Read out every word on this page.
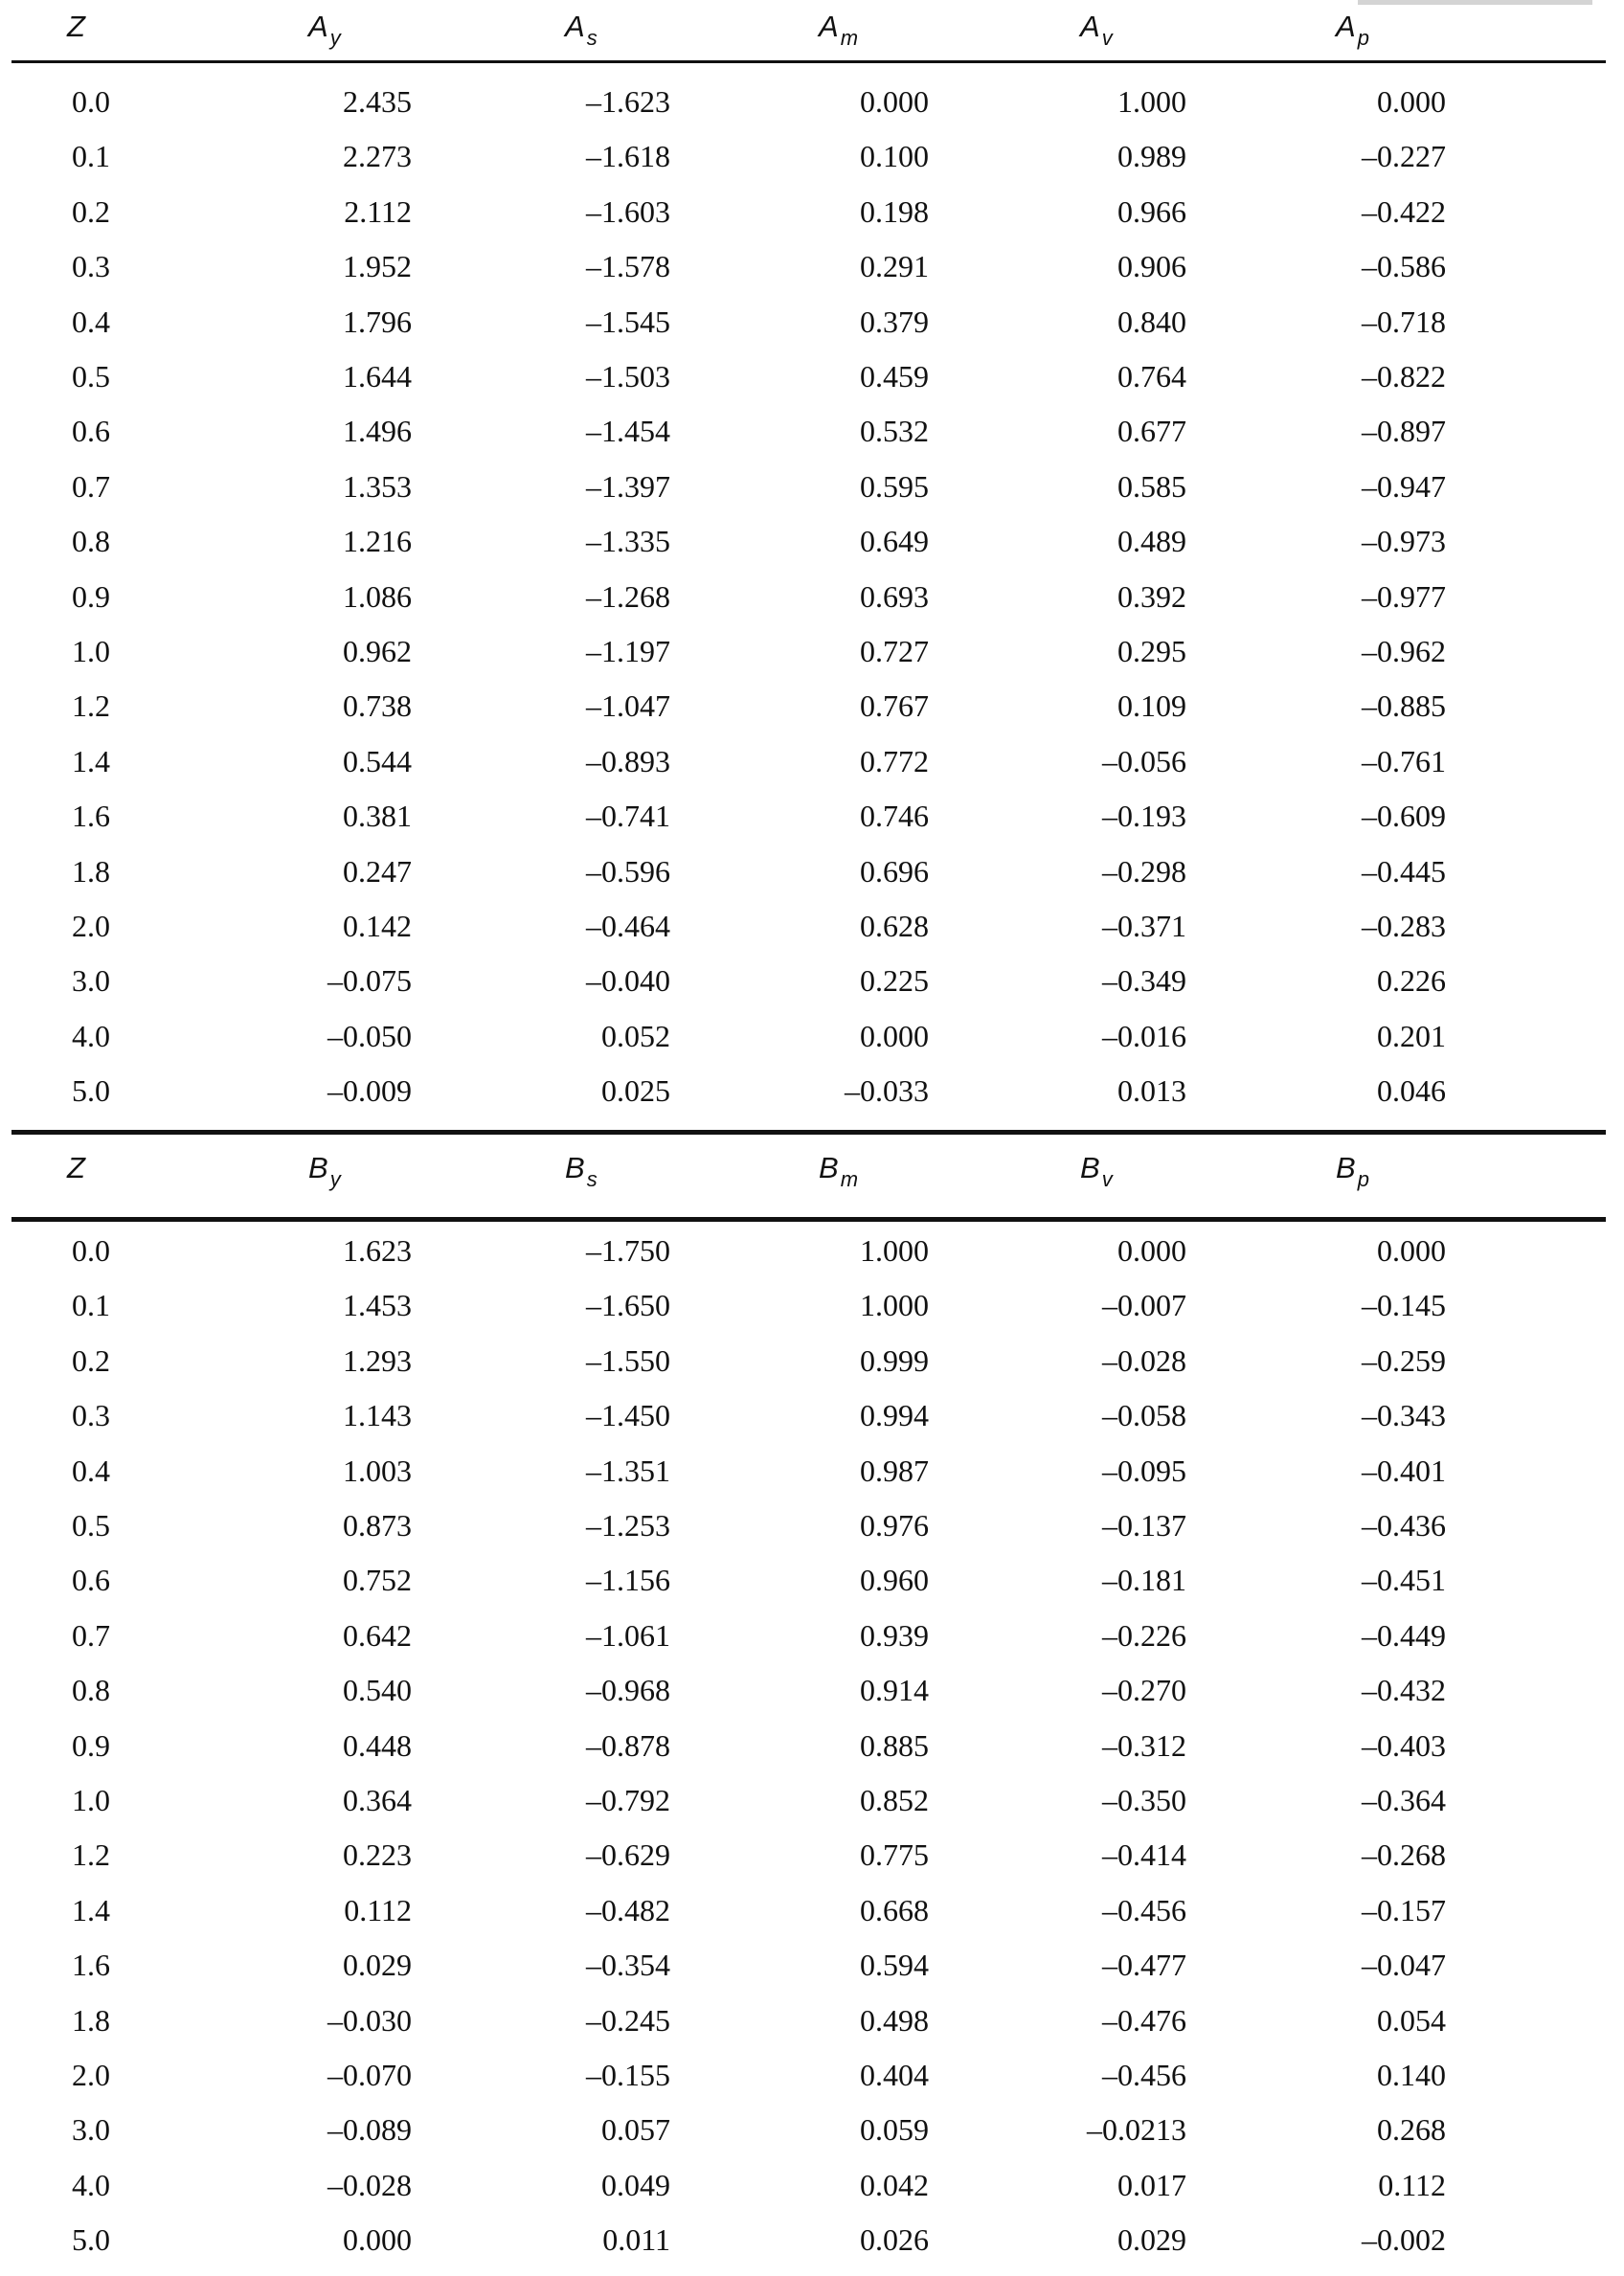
Z	$A_y$	$A_s$	$A_m$	$A_v$	$A_p$
0.0	2.435	–1.623	0.000	1.000	0.000
0.1	2.273	–1.618	0.100	0.989	–0.227
0.2	2.112	–1.603	0.198	0.966	–0.422
0.3	1.952	–1.578	0.291	0.906	–0.586
0.4	1.796	–1.545	0.379	0.840	–0.718
0.5	1.644	–1.503	0.459	0.764	–0.822
0.6	1.496	–1.454	0.532	0.677	–0.897
0.7	1.353	–1.397	0.595	0.585	–0.947
0.8	1.216	–1.335	0.649	0.489	–0.973
0.9	1.086	–1.268	0.693	0.392	–0.977
1.0	0.962	–1.197	0.727	0.295	–0.962
1.2	0.738	–1.047	0.767	0.109	–0.885
1.4	0.544	–0.893	0.772	–0.056	–0.761
1.6	0.381	–0.741	0.746	–0.193	–0.609
1.8	0.247	–0.596	0.696	–0.298	–0.445
2.0	0.142	–0.464	0.628	–0.371	–0.283
3.0	–0.075	–0.040	0.225	–0.349	0.226
4.0	–0.050	0.052	0.000	–0.016	0.201
5.0	–0.009	0.025	–0.033	0.013	0.046
Z	$B_y$	$B_s$	$B_m$	$B_v$	$B_p$
0.0	1.623	–1.750	1.000	0.000	0.000
0.1	1.453	–1.650	1.000	–0.007	–0.145
0.2	1.293	–1.550	0.999	–0.028	–0.259
0.3	1.143	–1.450	0.994	–0.058	–0.343
0.4	1.003	–1.351	0.987	–0.095	–0.401
0.5	0.873	–1.253	0.976	–0.137	–0.436
0.6	0.752	–1.156	0.960	–0.181	–0.451
0.7	0.642	–1.061	0.939	–0.226	–0.449
0.8	0.540	–0.968	0.914	–0.270	–0.432
0.9	0.448	–0.878	0.885	–0.312	–0.403
1.0	0.364	–0.792	0.852	–0.350	–0.364
1.2	0.223	–0.629	0.775	–0.414	–0.268
1.4	0.112	–0.482	0.668	–0.456	–0.157
1.6	0.029	–0.354	0.594	–0.477	–0.047
1.8	–0.030	–0.245	0.498	–0.476	0.054
2.0	–0.070	–0.155	0.404	–0.456	0.140
3.0	–0.089	0.057	0.059	–0.0213	0.268
4.0	–0.028	0.049	0.042	0.017	0.112
5.0	0.000	0.011	0.026	0.029	–0.002
